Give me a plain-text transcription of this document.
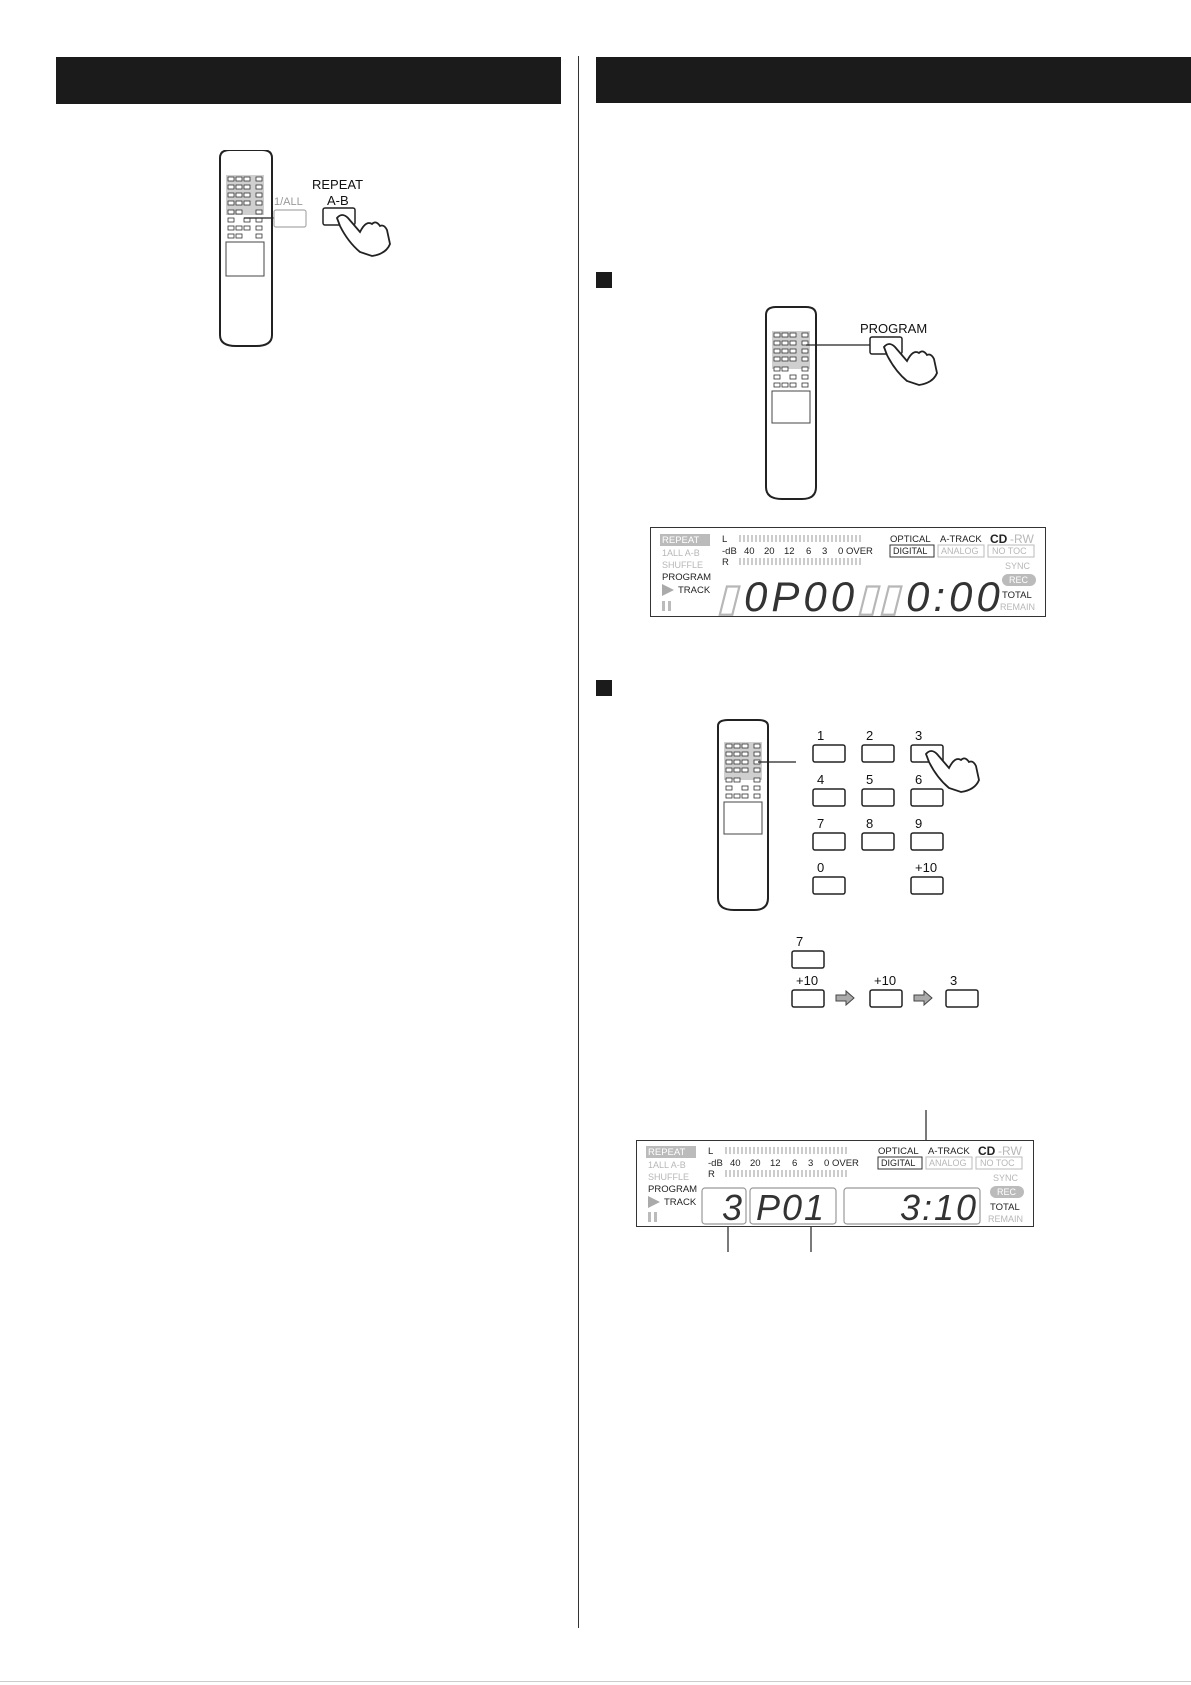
REPEAT
1/ALL A-B
PROGRAM
REPEAT
1ALL A-B
SHUFFLE
PROGRAM
TRACK
L
R
-dB 40 20 12 6 3 0 OVER
OPTICAL A-TRACK CD -RW
DIGITAL ANALOG NO TOC
SYNC
REC
TOTAL
REMAIN
▯ 0P00
▯▯ 0:00
1	2	3
4	5	6
7	8	9
0	+10
7
+10	+10	3
REPEAT
1ALL A-B
SHUFFLE
PROGRAM
TRACK
L
R
-dB 40 20 12 6 3 0 OVER
OPTICAL A-TRACK CD -RW
DIGITAL ANALOG NO TOC
SYNC
REC
TOTAL
REMAIN
3 P01 3:10
